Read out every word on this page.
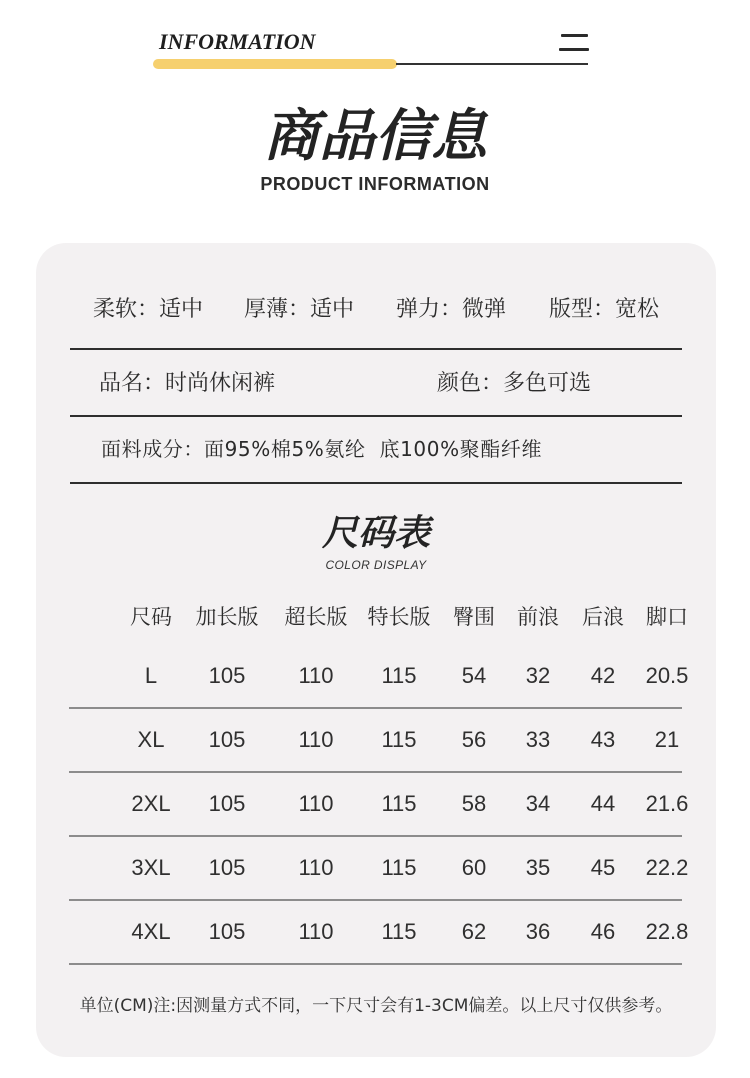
INFORMATION
商品信息
PRODUCT INFORMATION
柔软：适中 厚薄：适中 弹力：微弹 版型：宽松
品名：时尚休闲裤	颜色：多色可选
面料成分：面95%棉5%氨纶  底100%聚酯纤维
尺码表
COLOR DISPLAY
尺码	加长版	超长版 特长版	臀围	前浪	后浪	脚口
L	105	110	115	54	32	42	20.5
XL	105	110	115	56	33	43	21
2XL	105	110	115	58	34	44	21.6
3XL	105	110	115	60	35	45	22.2
4XL	105	110	115	62	36	46	22.8
单位(CM)注:因测量方式不同，一下尺寸会有1-3CM偏差。以上尺寸仅供参考。
